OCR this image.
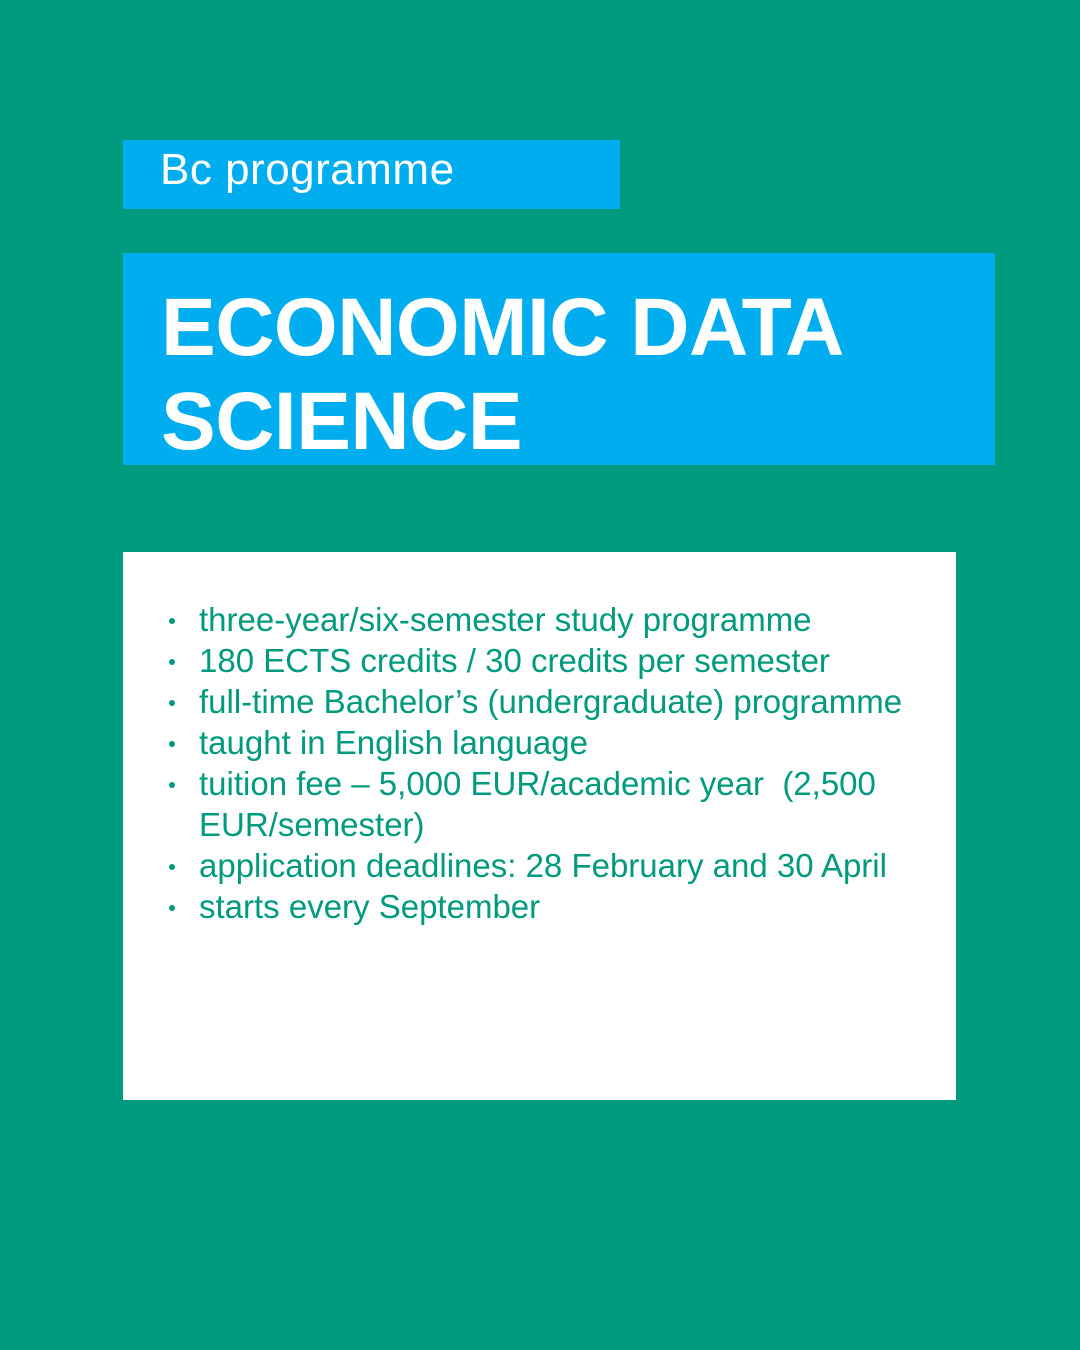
Bc programme
ECONOMIC DATA
SCIENCE
three-year/six-semester study programme
180 ECTS credits / 30 credits per semester
full-time Bachelor’s (undergraduate) programme
taught in English language
tuition fee – 5,000 EUR/academic year  (2,500 EUR/semester)
application deadlines: 28 February and 30 April
starts every September
